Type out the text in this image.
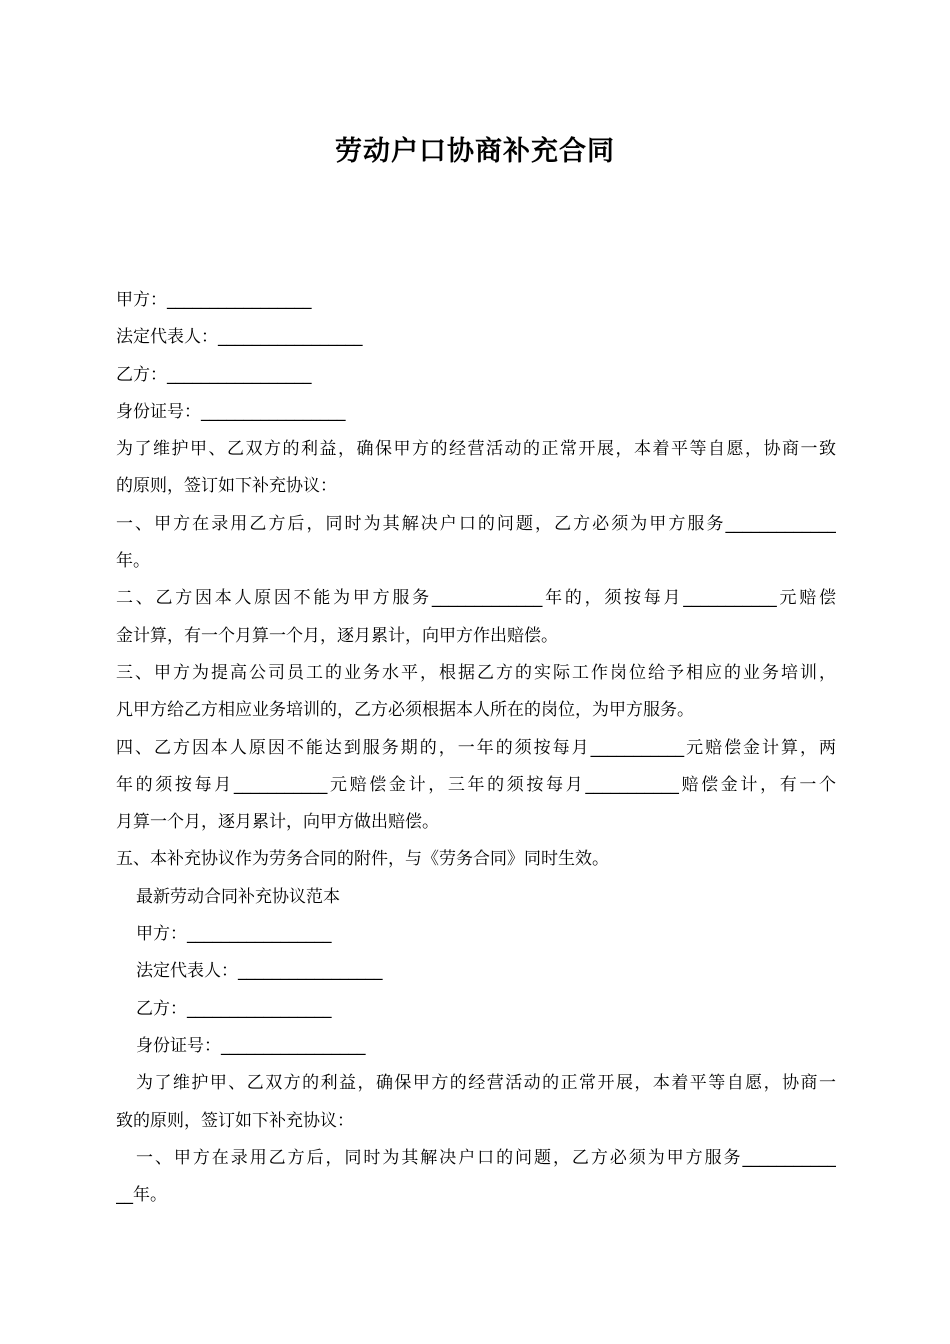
劳动户口协商补充合同
甲方：_________________
法定代表人：_________________
乙方：_________________
身份证号：_________________
为了维护甲、乙双方的利益，确保甲方的经营活动的正常开展，本着平等自愿，协商一致
的原则，签订如下补充协议：
一、甲方在录用乙方后，同时为其解决户口的问题，乙方必须为甲方服务_____________
年。
二、乙方因本人原因不能为甲方服务_____________年的，须按每月___________元赔偿
金计算，有一个月算一个月，逐月累计，向甲方作出赔偿。
三、甲方为提高公司员工的业务水平，根据乙方的实际工作岗位给予相应的业务培训，
凡甲方给乙方相应业务培训的，乙方必须根据本人所在的岗位，为甲方服务。
四、乙方因本人原因不能达到服务期的，一年的须按每月___________元赔偿金计算，两
年的须按每月___________元赔偿金计，三年的须按每月___________赔偿金计，有一个
月算一个月，逐月累计，向甲方做出赔偿。
五、本补充协议作为劳务合同的附件，与《劳务合同》同时生效。
最新劳动合同补充协议范本
甲方：_________________
法定代表人：_________________
乙方：_________________
身份证号：_________________
为了维护甲、乙双方的利益，确保甲方的经营活动的正常开展，本着平等自愿，协商一
致的原则，签订如下补充协议：
一、甲方在录用乙方后，同时为其解决户口的问题，乙方必须为甲方服务___________
__年。
